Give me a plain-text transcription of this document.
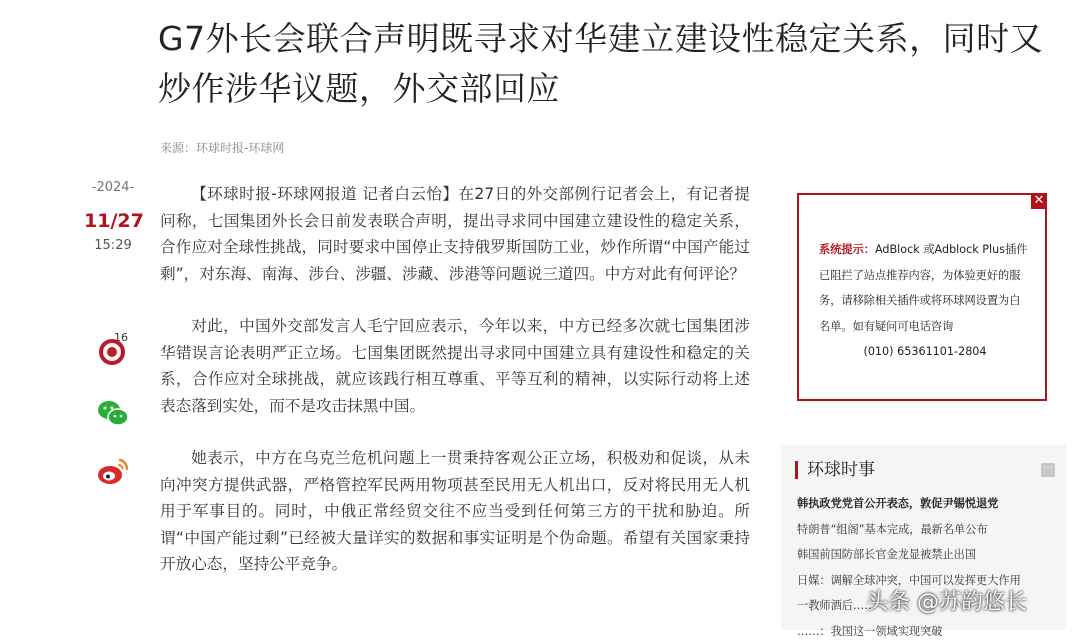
G7外长会联合声明既寻求对华建立建设性稳定关系，同时又炒作涉华议题，外交部回应
来源：环球时报-环球网
-2024-
11/27
15:29
16

【环球时报-环球网报道 记者白云怡】在27日的外交部例行记者会上，有记者提问称，七国集团外长会日前发表联合声明，提出寻求同中国建立建设性的稳定关系，合作应对全球性挑战，同时要求中国停止支持俄罗斯国防工业，炒作所谓“中国产能过剩”，对东海、南海、涉台、涉疆、涉藏、涉港等问题说三道四。中方对此有何评论？

对此，中国外交部发言人毛宁回应表示，今年以来，中方已经多次就七国集团涉华错误言论表明严正立场。七国集团既然提出寻求同中国建立具有建设性和稳定的关系，合作应对全球挑战，就应该践行相互尊重、平等互利的精神，以实际行动将上述表态落到实处，而不是攻击抹黑中国。

她表示，中方在乌克兰危机问题上一贯秉持客观公正立场，积极劝和促谈，从未向冲突方提供武器，严格管控军民两用物项甚至民用无人机出口，反对将民用无人机用于军事目的。同时，中俄正常经贸交往不应当受到任何第三方的干扰和胁迫。所谓“中国产能过剩”已经被大量详实的数据和事实证明是个伪命题。希望有关国家秉持开放心态，坚持公平竞争。

✕
系统提示：AdBlock 或Adblock Plus插件已阻拦了站点推荐内容，为体验更好的服务，请移除相关插件或将环球网设置为白名单。如有疑问可电话咨询
(010) 65361101-2804
环球时事	···
韩执政党党首公开表态，敦促尹锡悦退党
特朗普“组阁”基本完成，最新名单公布
韩国前国防部长官金龙显被禁止出国
日媒：调解全球冲突，中国可以发挥更大作用
一教师酒后……
……：我国这一领域实现突破
头条 @苏韵悠长
